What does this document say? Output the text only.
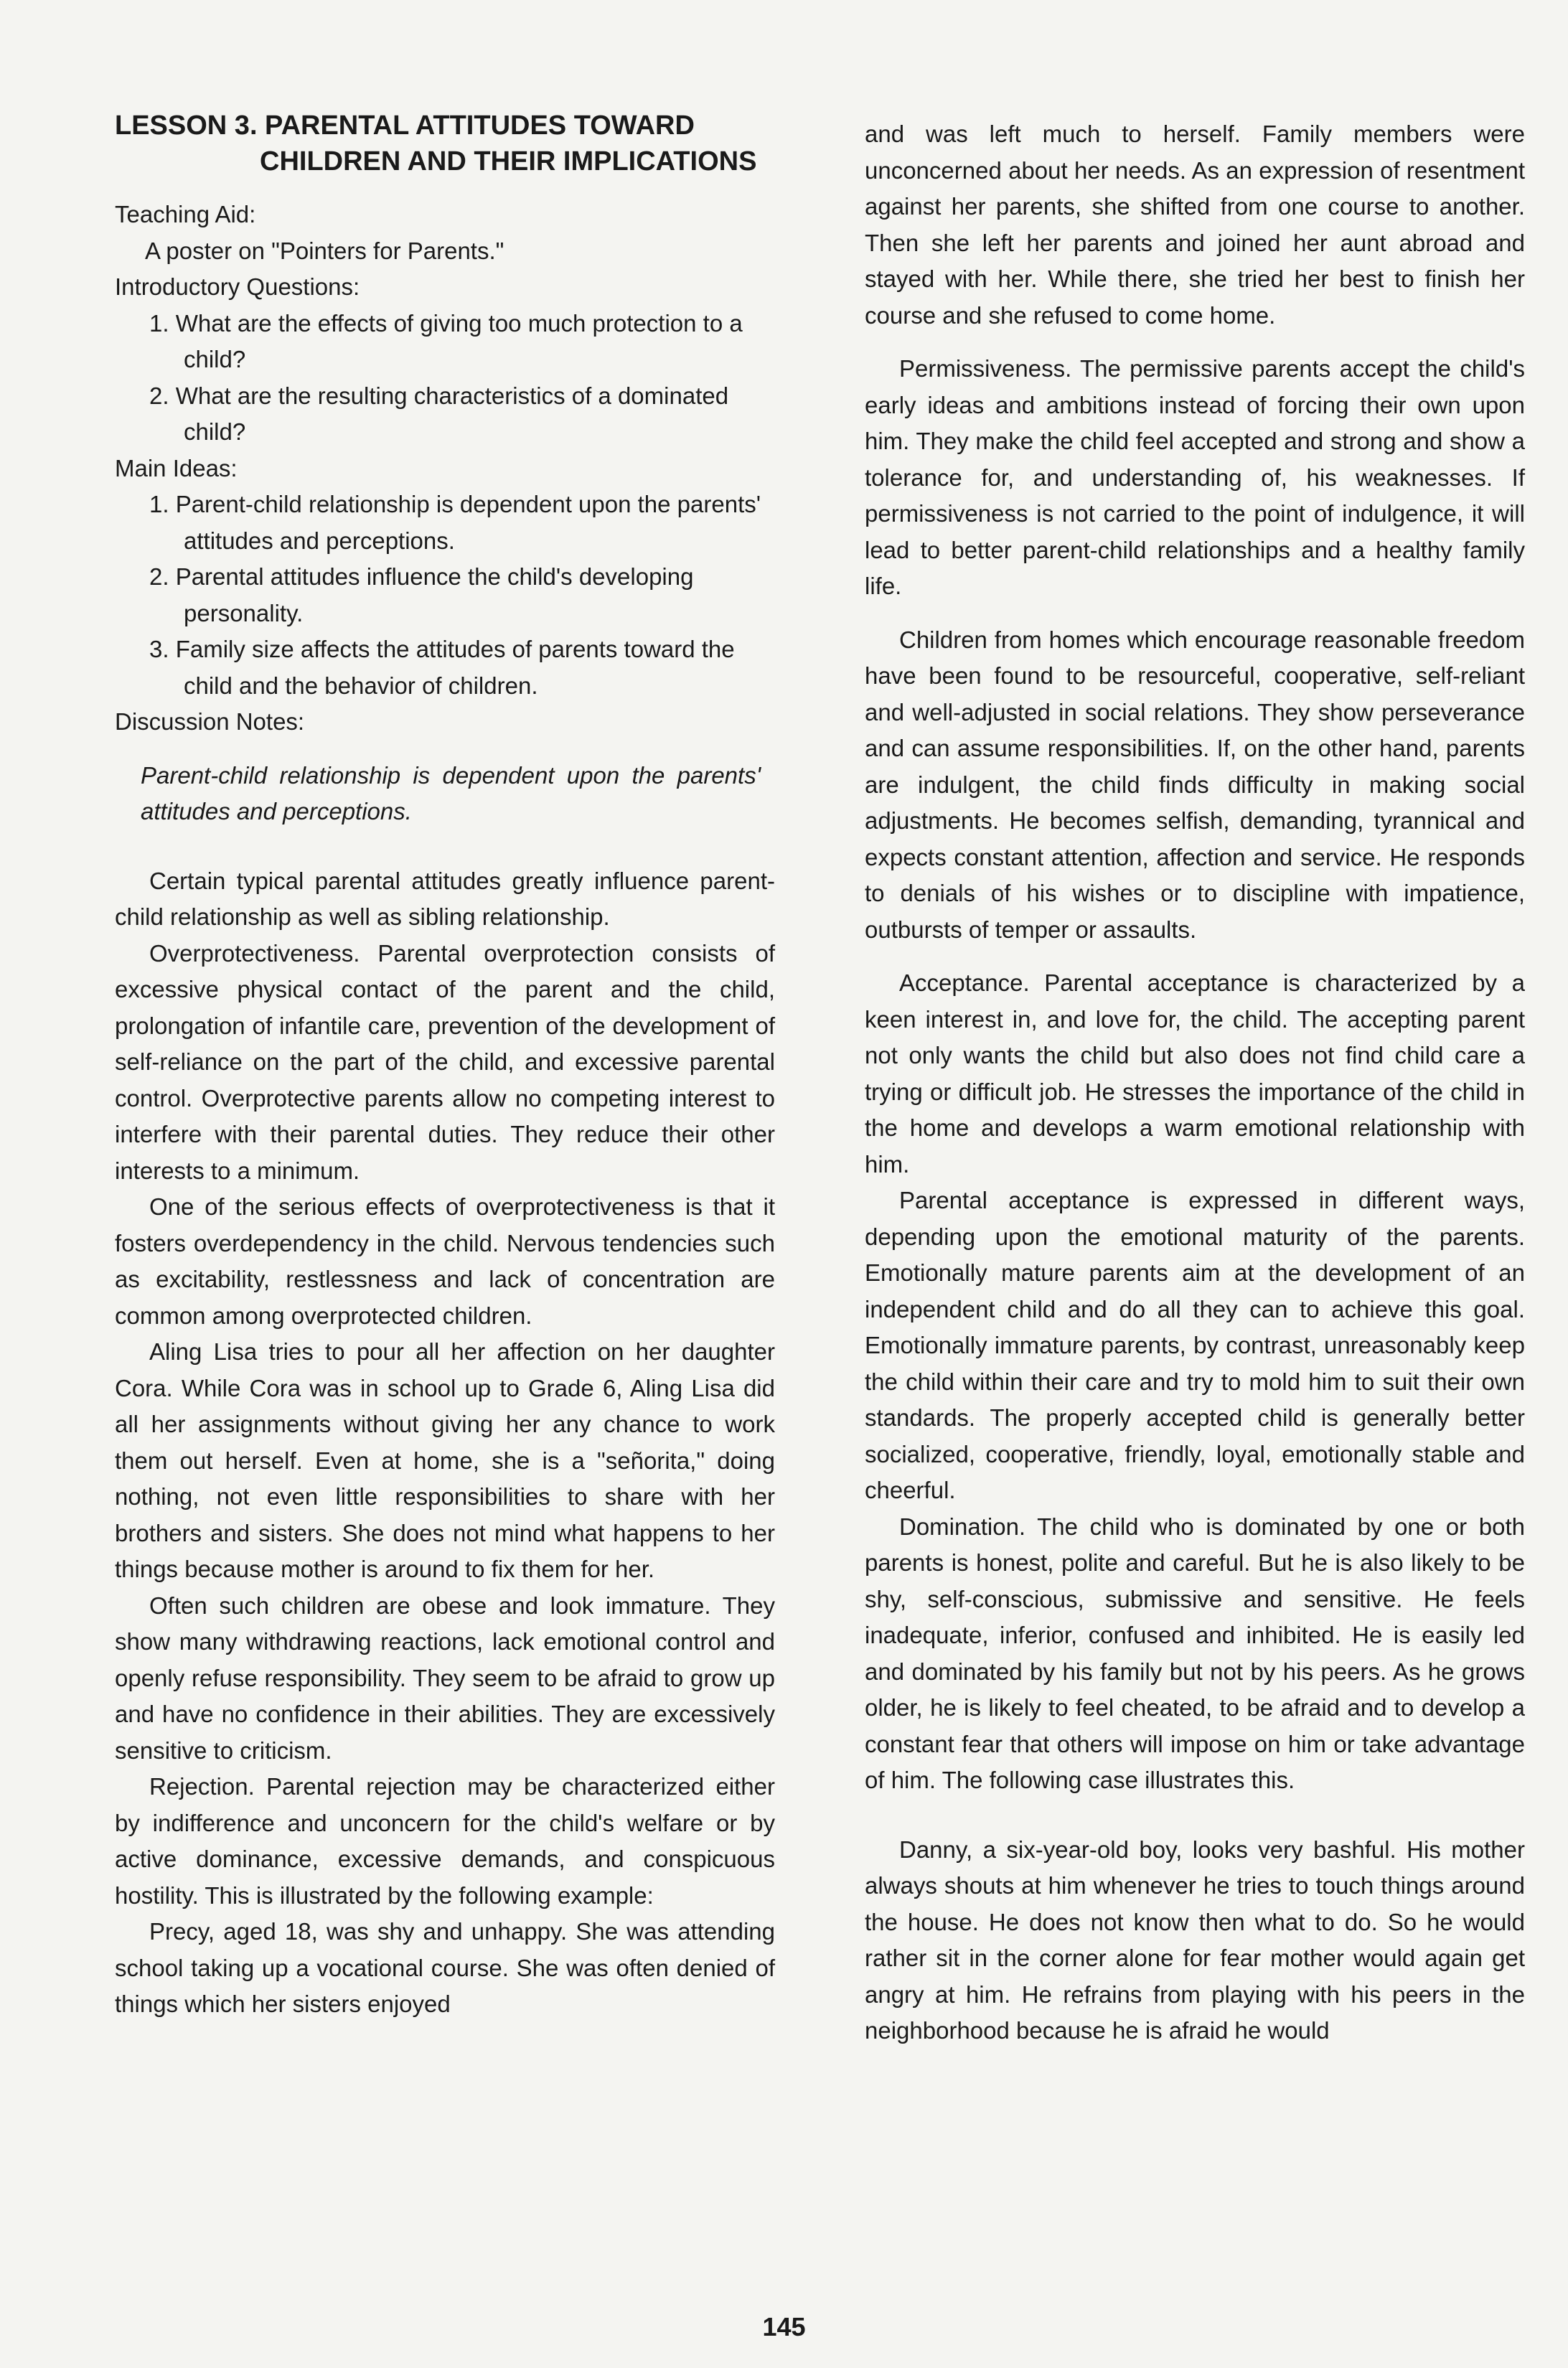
LESSON 3. PARENTAL ATTITUDES TOWARD
CHILDREN AND THEIR IMPLICATIONS

Teaching Aid:

A poster on "Pointers for Parents."

Introductory Questions:

1. What are the effects of giving too much protection to a child?

2. What are the resulting characteristics of a dominated child?

Main Ideas:

1. Parent-child relationship is dependent upon the parents' attitudes and perceptions.

2. Parental attitudes influence the child's developing personality.

3. Family size affects the attitudes of parents toward the child and the behavior of children.

Discussion Notes:

Parent-child relationship is dependent upon the parents' attitudes and perceptions.

Certain typical parental attitudes greatly influence parent-child relationship as well as sibling relationship.

Overprotectiveness. Parental overprotection consists of excessive physical contact of the parent and the child, prolongation of infantile care, prevention of the development of self-reliance on the part of the child, and excessive parental control. Overprotective parents allow no competing interest to interfere with their parental duties. They reduce their other interests to a minimum.

One of the serious effects of overprotectiveness is that it fosters overdependency in the child. Nervous tendencies such as excitability, restlessness and lack of concentration are common among overprotected children.

Aling Lisa tries to pour all her affection on her daughter Cora. While Cora was in school up to Grade 6, Aling Lisa did all her assignments without giving her any chance to work them out herself. Even at home, she is a "señorita," doing nothing, not even little responsibilities to share with her brothers and sisters. She does not mind what happens to her things because mother is around to fix them for her.

Often such children are obese and look immature. They show many withdrawing reactions, lack emotional control and openly refuse responsibility. They seem to be afraid to grow up and have no confidence in their abilities. They are excessively sensitive to criticism.

Rejection. Parental rejection may be characterized either by indifference and unconcern for the child's welfare or by active dominance, excessive demands, and conspicuous hostility. This is illustrated by the following example:

Precy, aged 18, was shy and unhappy. She was attending school taking up a vocational course. She was often denied of things which her sisters enjoyed

and was left much to herself. Family members were unconcerned about her needs. As an expression of resentment against her parents, she shifted from one course to another. Then she left her parents and joined her aunt abroad and stayed with her. While there, she tried her best to finish her course and she refused to come home.

Permissiveness. The permissive parents accept the child's early ideas and ambitions instead of forcing their own upon him. They make the child feel accepted and strong and show a tolerance for, and understanding of, his weaknesses. If permissiveness is not carried to the point of indulgence, it will lead to better parent-child relationships and a healthy family life.

Children from homes which encourage reasonable freedom have been found to be resourceful, cooperative, self-reliant and well-adjusted in social relations. They show perseverance and can assume responsibilities. If, on the other hand, parents are indulgent, the child finds difficulty in making social adjustments. He becomes selfish, demanding, tyrannical and expects constant attention, affection and service. He responds to denials of his wishes or to discipline with impatience, outbursts of temper or assaults.

Acceptance. Parental acceptance is characterized by a keen interest in, and love for, the child. The accepting parent not only wants the child but also does not find child care a trying or difficult job. He stresses the importance of the child in the home and develops a warm emotional relationship with him.

Parental acceptance is expressed in different ways, depending upon the emotional maturity of the parents. Emotionally mature parents aim at the development of an independent child and do all they can to achieve this goal. Emotionally immature parents, by contrast, unreasonably keep the child within their care and try to mold him to suit their own standards. The properly accepted child is generally better socialized, cooperative, friendly, loyal, emotionally stable and cheerful.

Domination. The child who is dominated by one or both parents is honest, polite and careful. But he is also likely to be shy, self-conscious, submissive and sensitive. He feels inadequate, inferior, confused and inhibited. He is easily led and dominated by his family but not by his peers. As he grows older, he is likely to feel cheated, to be afraid and to develop a constant fear that others will impose on him or take advantage of him. The following case illustrates this.

Danny, a six-year-old boy, looks very bashful. His mother always shouts at him whenever he tries to touch things around the house. He does not know then what to do. So he would rather sit in the corner alone for fear mother would again get angry at him. He refrains from playing with his peers in the neighborhood because he is afraid he would

145
